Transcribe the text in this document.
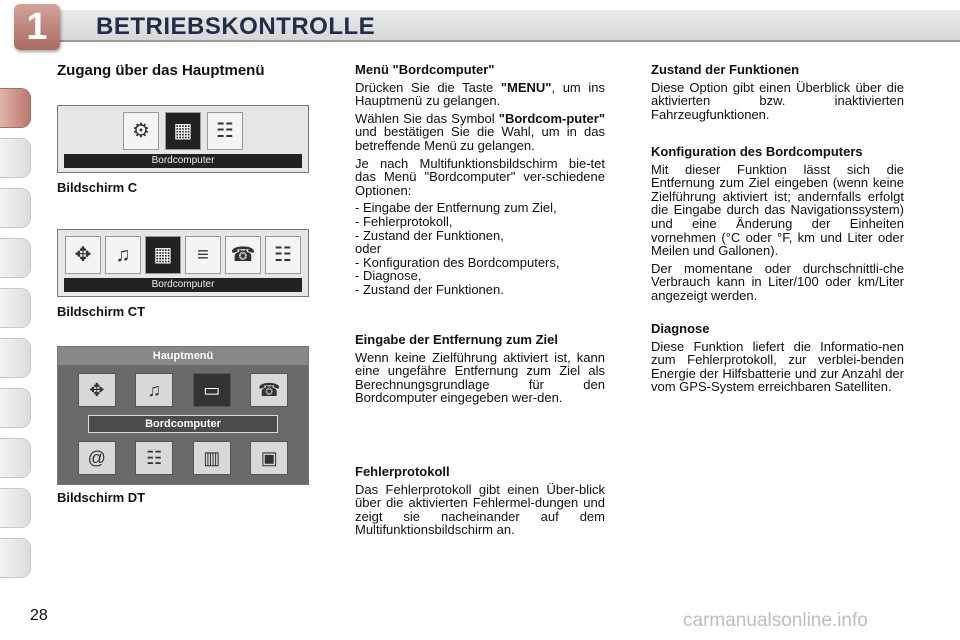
1	BETRIEBSKONTROLLE
Zugang über das Hauptmenü
⚙	▦	☷
Bordcomputer
Bildschirm C
✥	♫	▦	≡	☎ ☷
Bordcomputer
Bildschirm CT
Hauptmenü
✥	♫	▭	☎
Bordcomputer
@	☷	▥	▣
Bildschirm DT
Menü "Bordcomputer"

Drücken Sie die Taste "MENU", um ins Hauptmenü zu gelangen.

Wählen Sie das Symbol "Bordcom-puter" und bestätigen Sie die Wahl, um in das betreffende Menü zu gelangen.

Je nach Multifunktionsbildschirm bie-tet das Menü "Bordcomputer" ver-schiedene Optionen:

- Eingabe der Entfernung zum Ziel,
- Fehlerprotokoll,
- Zustand der Funktionen,
oder
- Konfiguration des Bordcomputers,
- Diagnose,
- Zustand der Funktionen.
Eingabe der Entfernung zum Ziel

Wenn keine Zielführung aktiviert ist, kann eine ungefähre Entfernung zum Ziel als Berechnungsgrundlage für den Bordcomputer eingegeben wer-den.

Fehlerprotokoll

Das Fehlerprotokoll gibt einen Über-blick über die aktivierten Fehlermel-dungen und zeigt sie nacheinander auf dem Multifunktionsbildschirm an.

Zustand der Funktionen

Diese Option gibt einen Überblick über die aktivierten bzw. inaktivierten Fahrzeugfunktionen.

Konfiguration des Bordcomputers

Mit dieser Funktion lässt sich die Entfernung zum Ziel eingeben (wenn keine Zielführung aktiviert ist; andernfalls erfolgt die Eingabe durch das Navigationssystem) und eine Änderung der Einheiten vornehmen (°C oder °F, km und Liter oder Meilen und Gallonen).

Der momentane oder durchschnittli-che Verbrauch kann in Liter/100 oder km/Liter angezeigt werden.

Diagnose

Diese Funktion liefert die Informatio-nen zum Fehlerprotokoll, zur verblei-benden Energie der Hilfsbatterie und zur Anzahl der vom GPS-System erreichbaren Satelliten.

28	carmanualsonline.info
